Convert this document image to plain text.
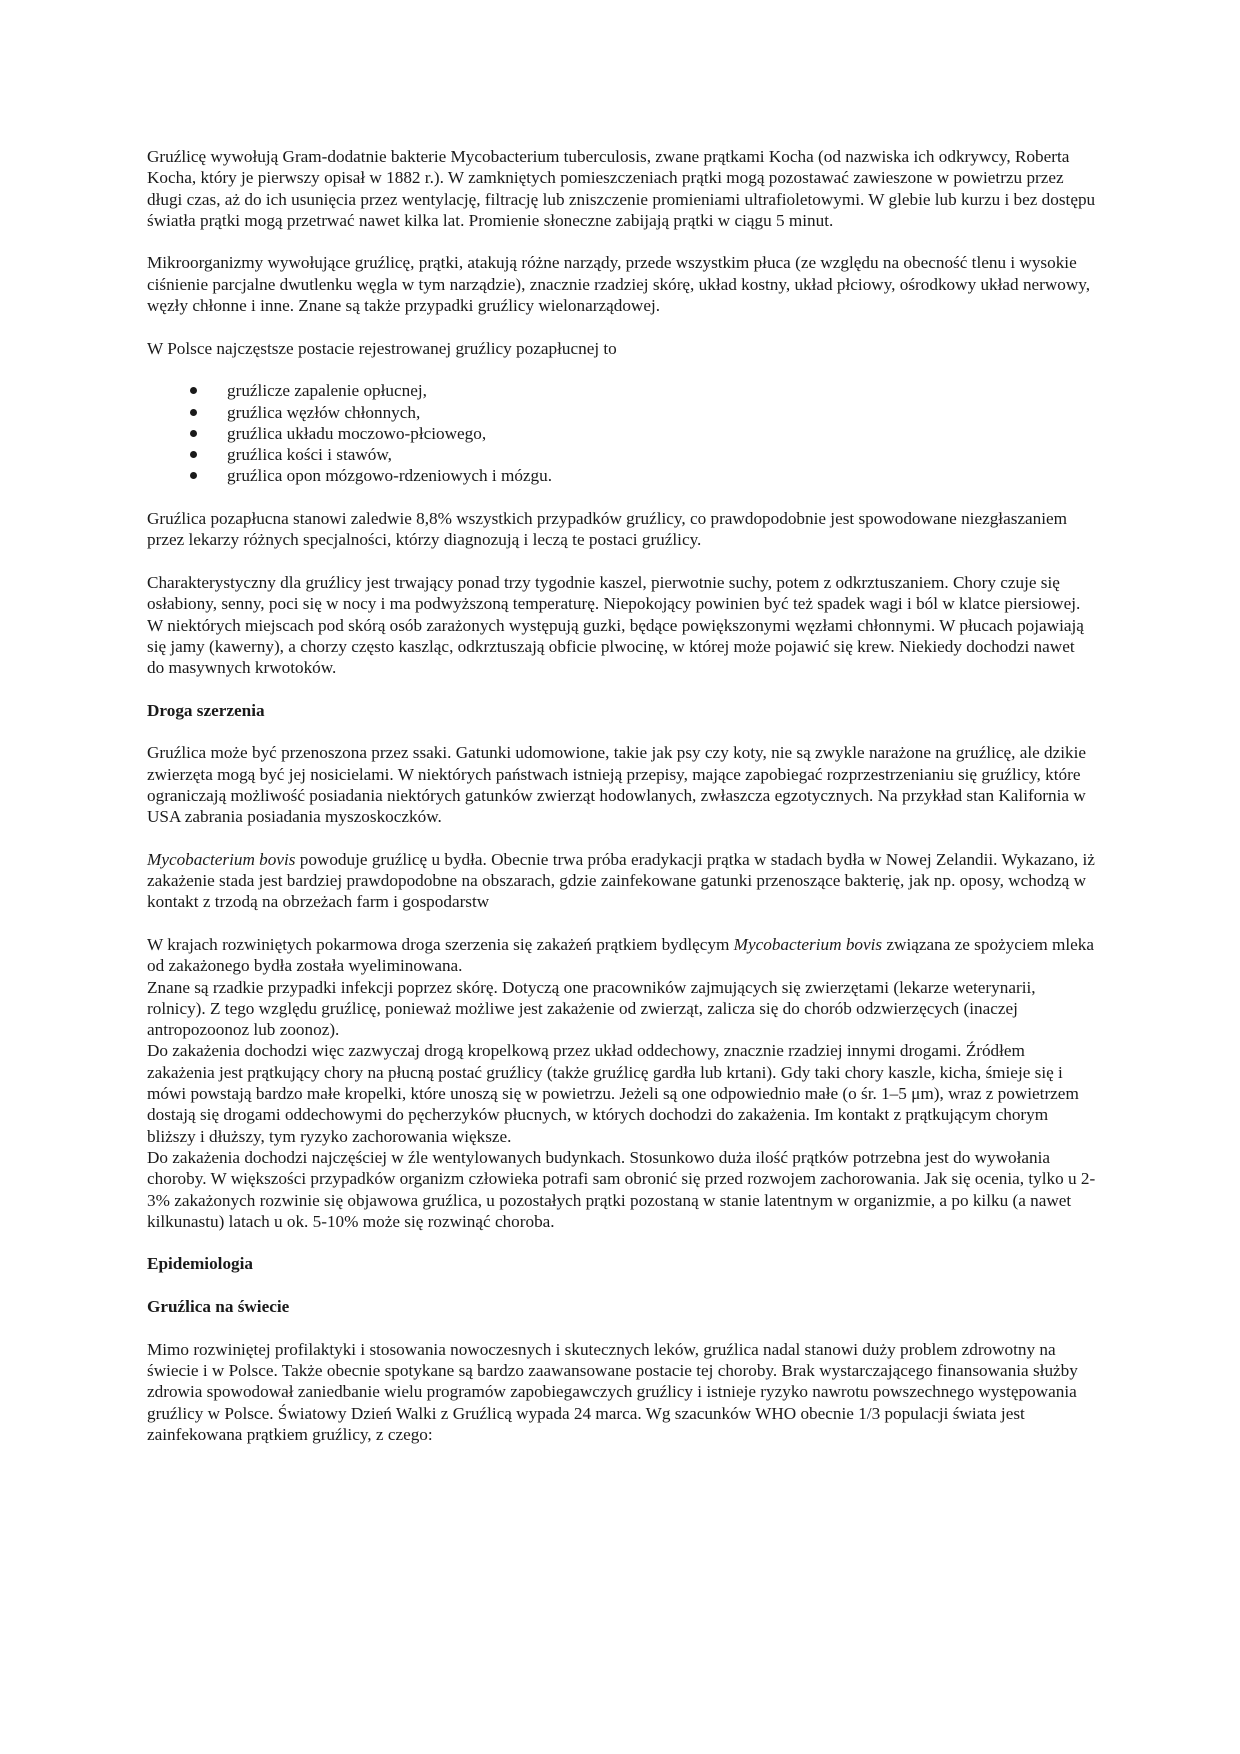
Gruźlicę wywołują Gram-dodatnie bakterie Mycobacterium tuberculosis, zwane prątkami Kocha (od nazwiska ich odkrywcy, Roberta Kocha, który je pierwszy opisał w 1882 r.). W zamkniętych pomieszczeniach prątki mogą pozostawać zawieszone w powietrzu przez długi czas, aż do ich usunięcia przez wentylację, filtrację lub zniszczenie promieniami ultrafioletowymi. W glebie lub kurzu i bez dostępu światła prątki mogą przetrwać nawet kilka lat. Promienie słoneczne zabijają prątki w ciągu 5 minut.

Mikroorganizmy wywołujące gruźlicę, prątki, atakują różne narządy, przede wszystkim płuca (ze względu na obecność tlenu i wysokie ciśnienie parcjalne dwutlenku węgla w tym narządzie), znacznie rzadziej skórę, układ kostny, układ płciowy, ośrodkowy układ nerwowy, węzły chłonne i inne. Znane są także przypadki gruźlicy wielonarządowej.

W Polsce najczęstsze postacie rejestrowanej gruźlicy pozapłucnej to

gruźlicze zapalenie opłucnej,
gruźlica węzłów chłonnych,
gruźlica układu moczowo-płciowego,
gruźlica kości i stawów,
gruźlica opon mózgowo-rdzeniowych i mózgu.

Gruźlica pozapłucna stanowi zaledwie 8,8% wszystkich przypadków gruźlicy, co prawdopodobnie jest spowodowane niezgłaszaniem przez lekarzy różnych specjalności, którzy diagnozują i leczą te postaci gruźlicy.

Charakterystyczny dla gruźlicy jest trwający ponad trzy tygodnie kaszel, pierwotnie suchy, potem z odkrztuszaniem. Chory czuje się osłabiony, senny, poci się w nocy i ma podwyższoną temperaturę. Niepokojący powinien być też spadek wagi i ból w klatce piersiowej. W niektórych miejscach pod skórą osób zarażonych występują guzki, będące powiększonymi węzłami chłonnymi. W płucach pojawiają się jamy (kawerny), a chorzy często kaszląc, odkrztuszają obficie plwocinę, w której może pojawić się krew. Niekiedy dochodzi nawet do masywnych krwotoków.

Droga szerzenia

Gruźlica może być przenoszona przez ssaki. Gatunki udomowione, takie jak psy czy koty, nie są zwykle narażone na gruźlicę, ale dzikie zwierzęta mogą być jej nosicielami. W niektórych państwach istnieją przepisy, mające zapobiegać rozprzestrzenianiu się gruźlicy, które ograniczają możliwość posiadania niektórych gatunków zwierząt hodowlanych, zwłaszcza egzotycznych. Na przykład stan Kalifornia w USA zabrania posiadania myszoskoczków.

Mycobacterium bovis powoduje gruźlicę u bydła. Obecnie trwa próba eradykacji prątka w stadach bydła w Nowej Zelandii. Wykazano, iż zakażenie stada jest bardziej prawdopodobne na obszarach, gdzie zainfekowane gatunki przenoszące bakterię, jak np. oposy, wchodzą w kontakt z trzodą na obrzeżach farm i gospodarstw

W krajach rozwiniętych pokarmowa droga szerzenia się zakażeń prątkiem bydlęcym Mycobacterium bovis związana ze spożyciem mleka od zakażonego bydła została wyeliminowana.

Znane są rzadkie przypadki infekcji poprzez skórę. Dotyczą one pracowników zajmujących się zwierzętami (lekarze weterynarii, rolnicy). Z tego względu gruźlicę, ponieważ możliwe jest zakażenie od zwierząt, zalicza się do chorób odzwierzęcych (inaczej antropozoonoz lub zoonoz).

Do zakażenia dochodzi więc zazwyczaj drogą kropelkową przez układ oddechowy, znacznie rzadziej innymi drogami. Źródłem zakażenia jest prątkujący chory na płucną postać gruźlicy (także gruźlicę gardła lub krtani). Gdy taki chory kaszle, kicha, śmieje się i mówi powstają bardzo małe kropelki, które unoszą się w powietrzu. Jeżeli są one odpowiednio małe (o śr. 1–5 μm), wraz z powietrzem dostają się drogami oddechowymi do pęcherzyków płucnych, w których dochodzi do zakażenia. Im kontakt z prątkującym chorym bliższy i dłuższy, tym ryzyko zachorowania większe.

Do zakażenia dochodzi najczęściej w źle wentylowanych budynkach. Stosunkowo duża ilość prątków potrzebna jest do wywołania choroby. W większości przypadków organizm człowieka potrafi sam obronić się przed rozwojem zachorowania. Jak się ocenia, tylko u 2-3% zakażonych rozwinie się objawowa gruźlica, u pozostałych prątki pozostaną w stanie latentnym w organizmie, a po kilku (a nawet kilkunastu) latach u ok. 5-10% może się rozwinąć choroba.

Epidemiologia
Gruźlica na świecie

Mimo rozwiniętej profilaktyki i stosowania nowoczesnych i skutecznych leków, gruźlica nadal stanowi duży problem zdrowotny na świecie i w Polsce. Także obecnie spotykane są bardzo zaawansowane postacie tej choroby. Brak wystarczającego finansowania służby zdrowia spowodował zaniedbanie wielu programów zapobiegawczych gruźlicy i istnieje ryzyko nawrotu powszechnego występowania gruźlicy w Polsce. Światowy Dzień Walki z Gruźlicą wypada 24 marca. Wg szacunków WHO obecnie 1/3 populacji świata jest zainfekowana prątkiem gruźlicy, z czego:
